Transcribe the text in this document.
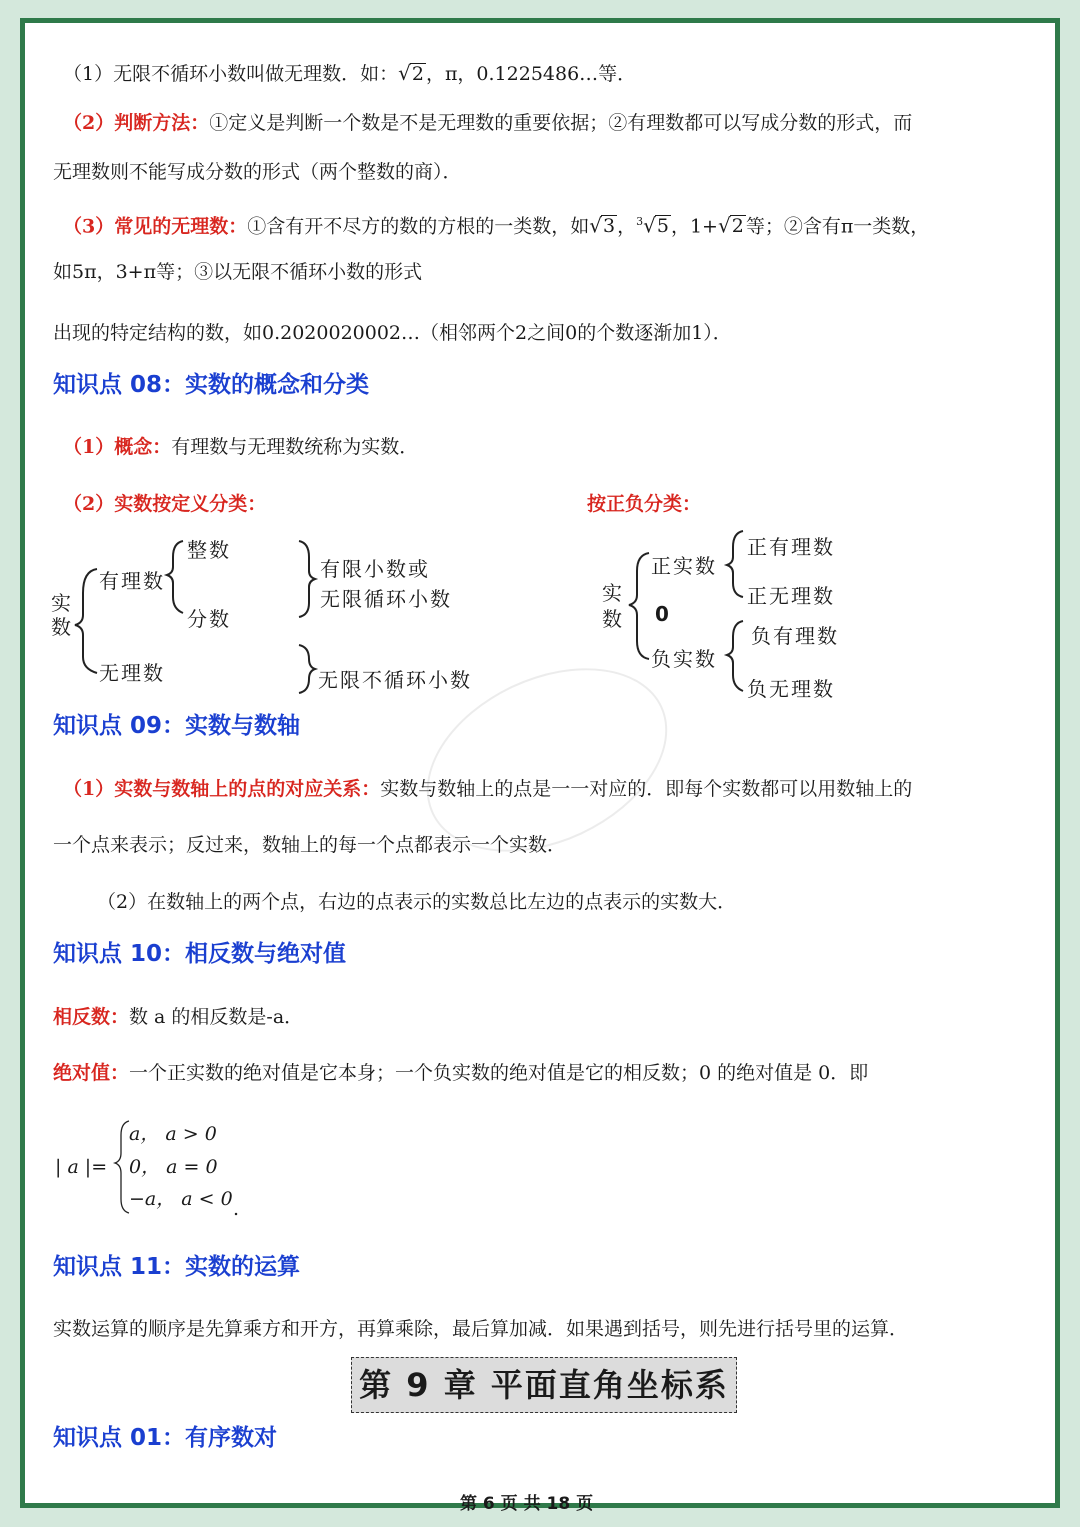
（1）无限不循环小数叫做无理数．如：√2 ，π，0.1225486…等．
（2）判断方法：①定义是判断一个数是不是无理数的重要依据；②有理数都可以写成分数的形式，而
无理数则不能写成分数的形式（两个整数的商）．
（3）常见的无理数：①含有开不尽方的数的方根的一类数，如√3 ，$^3$√5 ，1+√2 等；②含有π一类数，
如5π，3+π等；③以无限不循环小数的形式
出现的特定结构的数，如0.2020020002…（相邻两个2之间0的个数逐渐加1）．
知识点 08：实数的概念和分类
（1）概念：有理数与无理数统称为实数．
（2）实数按定义分类：	按正负分类：
实数
有理数
整数
分数
有限小数或
无限循环小数
无理数	无限不循环小数
实数
正实数
正有理数
正无理数
0
负实数
负有理数
负无理数
知识点 09：实数与数轴
（1）实数与数轴上的点的对应关系：实数与数轴上的点是一一对应的．即每个实数都可以用数轴上的
一个点来表示；反过来，数轴上的每一个点都表示一个实数．
（2）在数轴上的两个点，右边的点表示的实数总比左边的点表示的实数大．
知识点 10：相反数与绝对值
相反数：数 a 的相反数是-a．
绝对值：一个正实数的绝对值是它本身；一个负实数的绝对值是它的相反数；0 的绝对值是 0．即
| a |=
a， a > 0
0， a = 0
−a， a < 0 .
知识点 11：实数的运算
实数运算的顺序是先算乘方和开方，再算乘除，最后算加减．如果遇到括号，则先进行括号里的运算．
第 9 章 平面直角坐标系
知识点 01：有序数对
第 6 页 共 18 页
